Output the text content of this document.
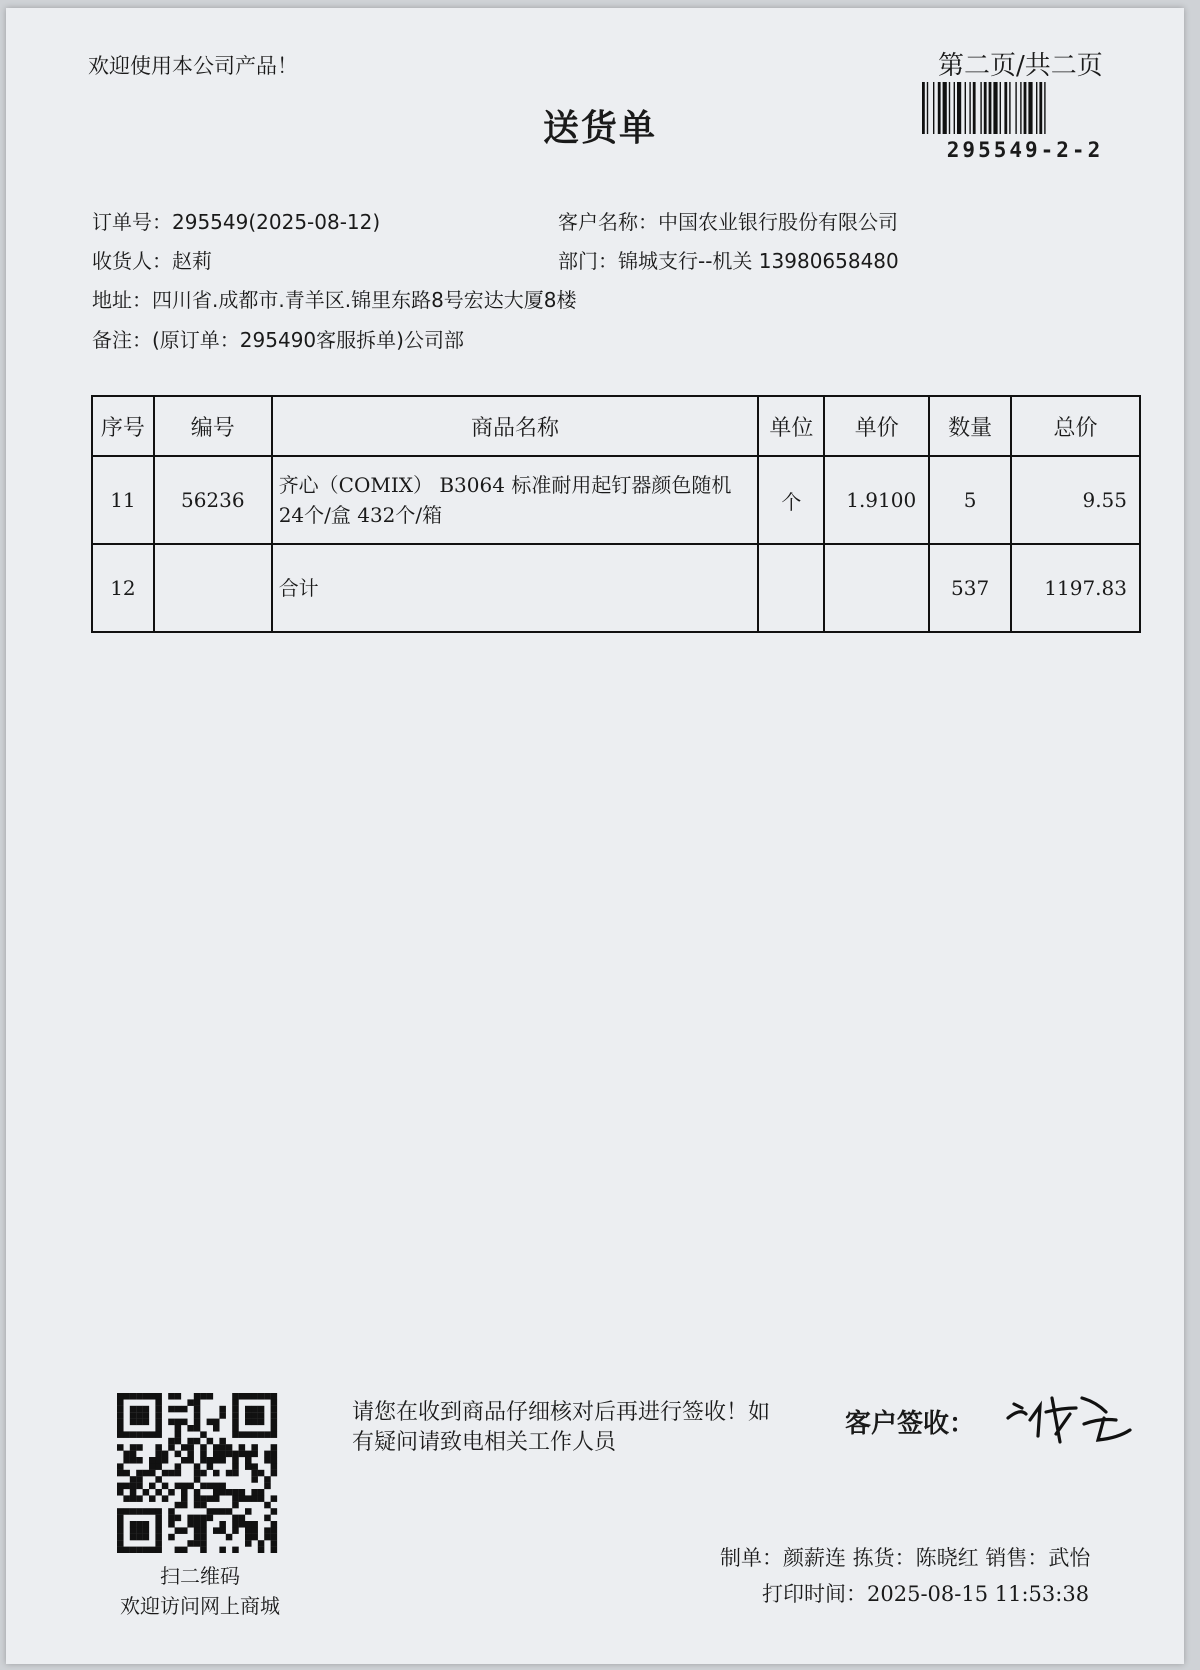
欢迎使用本公司产品！
送货单
第二页/共二页
295549-2-2
订单号：295549(2025-08-12)	客户名称：中国农业银行股份有限公司
收货人：赵莉	部门：锦城支行--机关 13980658480
地址：四川省.成都市.青羊区.锦里东路8号宏达大厦8楼
备注：(原订单：295490客服拆单)公司部
序号	编号	商品名称	单位	单价	数量	总价
11	56236	齐心（COMIX） B3064 标准耐用起钉器颜色随机 24个/盒 432个/箱	个	1.9100	5	9.55
12		合计			537	1197.83
扫二维码
欢迎访问网上商城
请您在收到商品仔细核对后再进行签收！如有疑问请致电相关工作人员
客户签收：
制单：颜薪连 拣货：陈晓红 销售：武怡
打印时间：2025-08-15 11:53:38
